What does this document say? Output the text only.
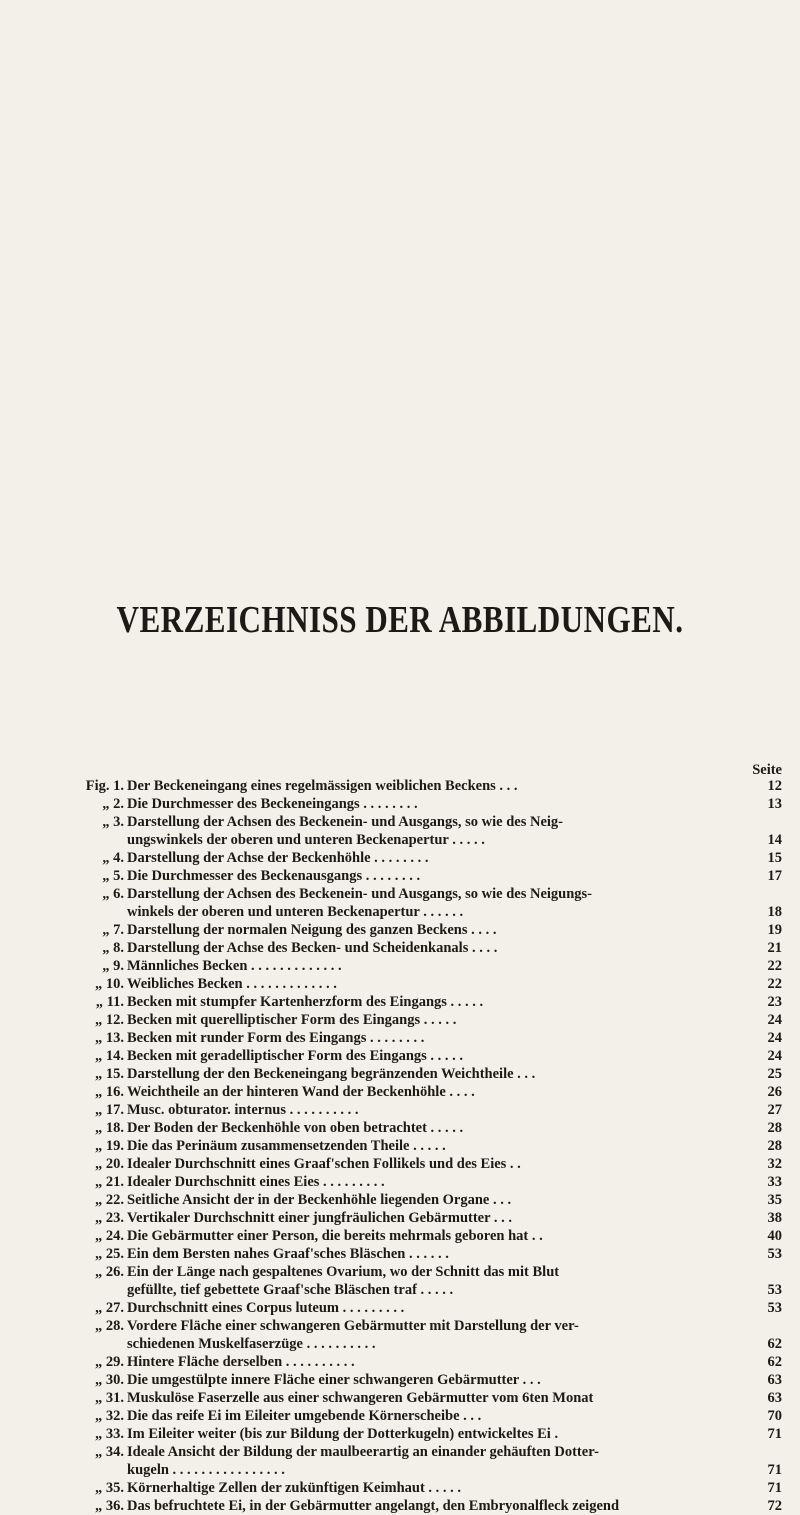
VERZEICHNISS DER ABBILDUNGEN.
Seite
Fig. 1. Der Beckeneingang eines regelmässigen weiblichen Beckens . . .	12
„ 2. Die Durchmesser des Beckeneingangs . . . . . . . .	13
„ 3. Darstellung der Achsen des Beckenein- und Ausgangs, so wie des Neig-
ungswinkels der oberen und unteren Beckenapertur . . . . .	14
„ 4. Darstellung der Achse der Beckenhöhle . . . . . . . .	15
„ 5. Die Durchmesser des Beckenausgangs . . . . . . . .	17
„ 6. Darstellung der Achsen des Beckenein- und Ausgangs, so wie des Neigungs-
winkels der oberen und unteren Beckenapertur . . . . . .	18
„ 7. Darstellung der normalen Neigung des ganzen Beckens . . . .	19
„ 8. Darstellung der Achse des Becken- und Scheidenkanals . . . .	21
„ 9. Männliches Becken . . . . . . . . . . . . .	22
„ 10. Weibliches Becken . . . . . . . . . . . . .	22
„ 11. Becken mit stumpfer Kartenherzform des Eingangs . . . . .	23
„ 12. Becken mit querelliptischer Form des Eingangs . . . . .	24
„ 13. Becken mit runder Form des Eingangs . . . . . . . .	24
„ 14. Becken mit geradelliptischer Form des Eingangs . . . . .	24
„ 15. Darstellung der den Beckeneingang begränzenden Weichtheile . . .	25
„ 16. Weichtheile an der hinteren Wand der Beckenhöhle . . . .	26
„ 17. Musc. obturator. internus . . . . . . . . . .	27
„ 18. Der Boden der Beckenhöhle von oben betrachtet . . . . .	28
„ 19. Die das Perinäum zusammensetzenden Theile . . . . .	28
„ 20. Idealer Durchschnitt eines Graaf'schen Follikels und des Eies . .	32
„ 21. Idealer Durchschnitt eines Eies . . . . . . . . .	33
„ 22. Seitliche Ansicht der in der Beckenhöhle liegenden Organe . . .	35
„ 23. Vertikaler Durchschnitt einer jungfräulichen Gebärmutter . . .	38
„ 24. Die Gebärmutter einer Person, die bereits mehrmals geboren hat . .	40
„ 25. Ein dem Bersten nahes Graaf'sches Bläschen . . . . . .	53
„ 26. Ein der Länge nach gespaltenes Ovarium, wo der Schnitt das mit Blut
gefüllte, tief gebettete Graaf'sche Bläschen traf . . . . .	53
„ 27. Durchschnitt eines Corpus luteum . . . . . . . . .	53
„ 28. Vordere Fläche einer schwangeren Gebärmutter mit Darstellung der ver-
schiedenen Muskelfaserzüge . . . . . . . . . .	62
„ 29. Hintere Fläche derselben . . . . . . . . . .	62
„ 30. Die umgestülpte innere Fläche einer schwangeren Gebärmutter . . .	63
„ 31. Muskulöse Faserzelle aus einer schwangeren Gebärmutter vom 6ten Monat	63
„ 32. Die das reife Ei im Eileiter umgebende Körnerscheibe . . .	70
„ 33. Im Eileiter weiter (bis zur Bildung der Dotterkugeln) entwickeltes Ei .	71
„ 34. Ideale Ansicht der Bildung der maulbeerartig an einander gehäuften Dotter-
kugeln . . . . . . . . . . . . . . . .	71
„ 35. Körnerhaltige Zellen der zukünftigen Keimhaut . . . . .	71
„ 36. Das befruchtete Ei, in der Gebärmutter angelangt, den Embryonalfleck zeigend	72
